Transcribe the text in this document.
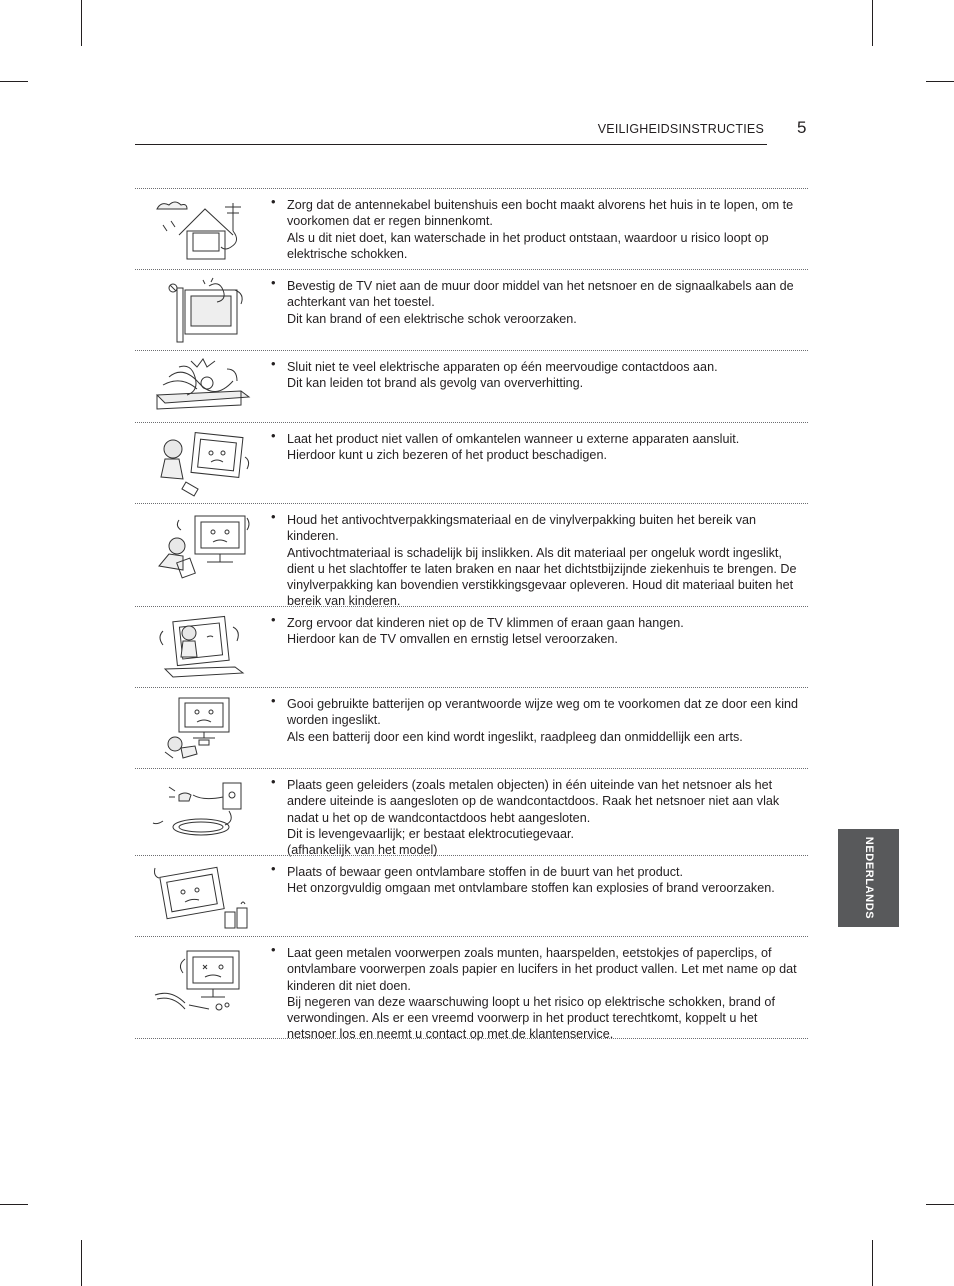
VEILIGHEIDSINSTRUCTIES 5
NEDERLANDS
• Zorg dat de antennekabel buitenshuis een bocht maakt alvorens het huis in te lopen, om te voorkomen dat er regen binnenkomt.
Als u dit niet doet, kan waterschade in het product ontstaan, waardoor u risico loopt op elektrische schokken.
• Bevestig de TV niet aan de muur door middel van het netsnoer en de signaalkabels aan de achterkant van het toestel.
Dit kan brand of een elektrische schok veroorzaken.
• Sluit niet te veel elektrische apparaten op één meervoudige contactdoos aan.
Dit kan leiden tot brand als gevolg van oververhitting.
• Laat het product niet vallen of omkantelen wanneer u externe apparaten aansluit.
Hierdoor kunt u zich bezeren of het product beschadigen.
• Houd het antivochtverpakkingsmateriaal en de vinylverpakking buiten het bereik van kinderen.
Antivochtmateriaal is schadelijk bij inslikken. Als dit materiaal per ongeluk wordt ingeslikt, dient u het slachtoffer te laten braken en naar het dichtstbijzijnde ziekenhuis te brengen. De vinylverpakking kan bovendien verstikkingsgevaar opleveren. Houd dit materiaal buiten het bereik van kinderen.
• Zorg ervoor dat kinderen niet op de TV klimmen of eraan gaan hangen.
Hierdoor kan de TV omvallen en ernstig letsel veroorzaken.
• Gooi gebruikte batterijen op verantwoorde wijze weg om te voorkomen dat ze door een kind worden ingeslikt.
Als een batterij door een kind wordt ingeslikt, raadpleeg dan onmiddellijk een arts.
• Plaats geen geleiders (zoals metalen objecten) in één uiteinde van het netsnoer als het andere uiteinde is aangesloten op de wandcontactdoos. Raak het netsnoer niet aan vlak nadat u het op de wandcontactdoos hebt aangesloten.
Dit is levengevaarlijk; er bestaat elektrocutiegevaar.
(afhankelijk van het model)
• Plaats of bewaar geen ontvlambare stoffen in de buurt van het product.
Het onzorgvuldig omgaan met ontvlambare stoffen kan explosies of brand veroorzaken.
• Laat geen metalen voorwerpen zoals munten, haarspelden, eetstokjes of paperclips, of ontvlambare voorwerpen zoals papier en lucifers in het product vallen. Let met name op dat kinderen dit niet doen.
Bij negeren van deze waarschuwing loopt u het risico op elektrische schokken, brand of verwondingen. Als er een vreemd voorwerp in het product terechtkomt, koppelt u het netsnoer los en neemt u contact op met de klantenservice.
